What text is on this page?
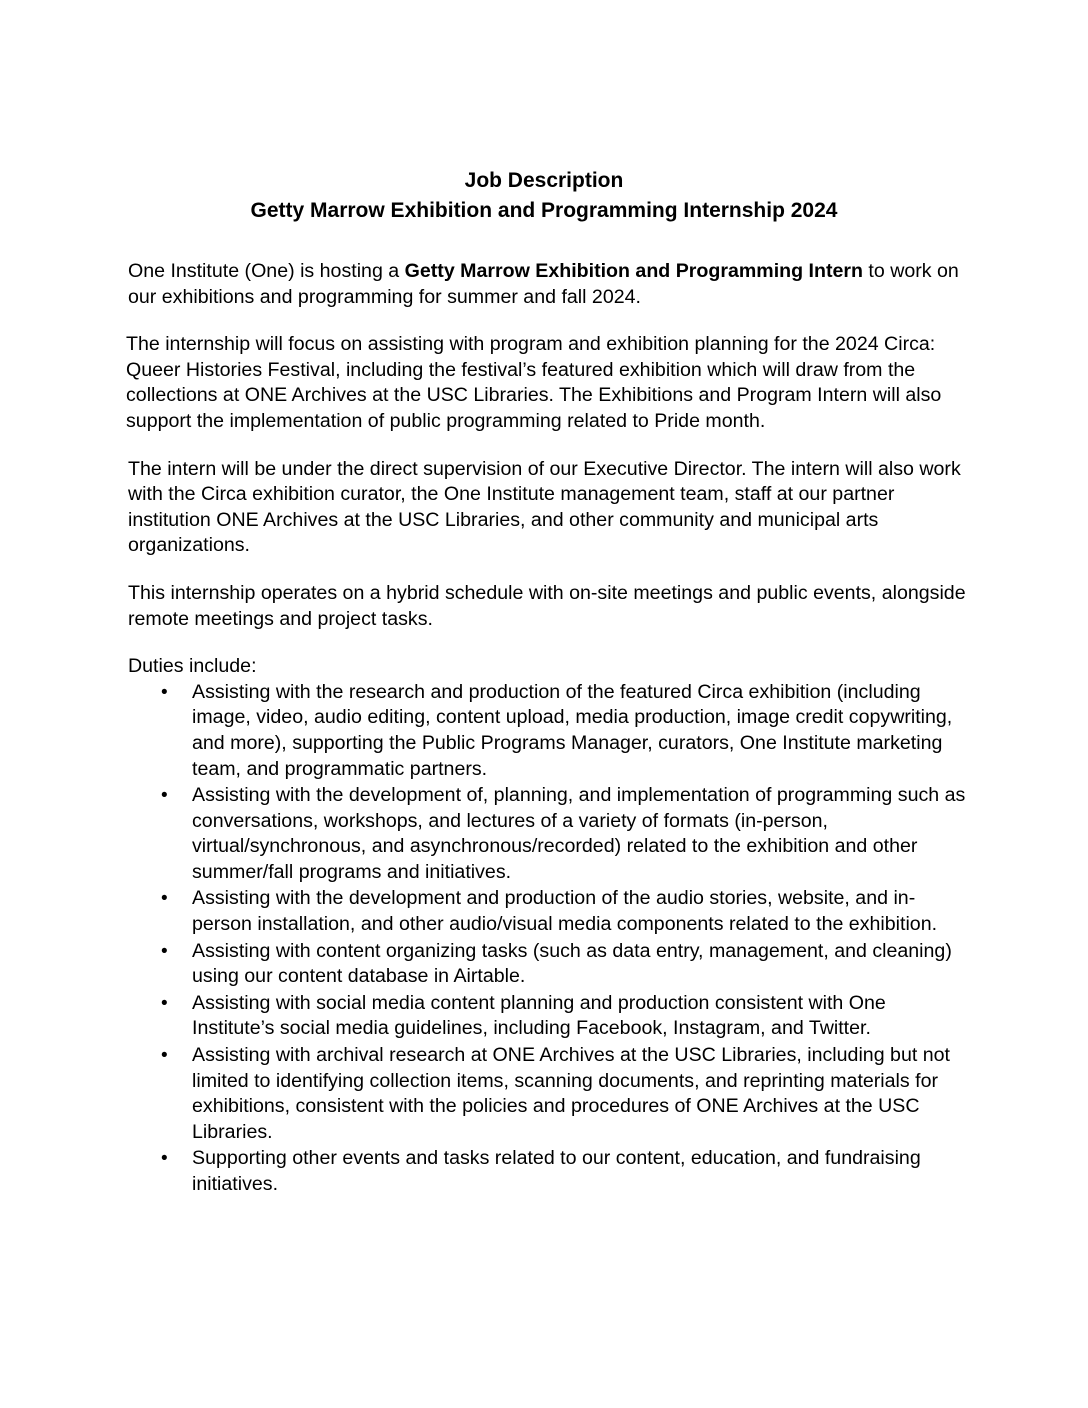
Job Description
Getty Marrow Exhibition and Programming Internship 2024

One Institute (One) is hosting a Getty Marrow Exhibition and Programming Intern to work on our exhibitions and programming for summer and fall 2024.

The internship will focus on assisting with program and exhibition planning for the 2024 Circa: Queer Histories Festival, including the festival’s featured exhibition which will draw from the collections at ONE Archives at the USC Libraries. The Exhibitions and Program Intern will also support the implementation of public programming related to Pride month.

The intern will be under the direct supervision of our Executive Director. The intern will also work with the Circa exhibition curator, the One Institute management team, staff at our partner institution ONE Archives at the USC Libraries, and other community and municipal arts organizations.

This internship operates on a hybrid schedule with on-site meetings and public events, alongside remote meetings and project tasks.

Duties include:

• Assisting with the research and production of the featured Circa exhibition (including image, video, audio editing, content upload, media production, image credit copywriting, and more), supporting the Public Programs Manager, curators, One Institute marketing team, and programmatic partners.
• Assisting with the development of, planning, and implementation of programming such as conversations, workshops, and lectures of a variety of formats (in-person, virtual/synchronous, and asynchronous/recorded) related to the exhibition and other summer/fall programs and initiatives.
• Assisting with the development and production of the audio stories, website, and in-person installation, and other audio/visual media components related to the exhibition.
• Assisting with content organizing tasks (such as data entry, management, and cleaning) using our content database in Airtable.
• Assisting with social media content planning and production consistent with One Institute’s social media guidelines, including Facebook, Instagram, and Twitter.
• Assisting with archival research at ONE Archives at the USC Libraries, including but not limited to identifying collection items, scanning documents, and reprinting materials for exhibitions, consistent with the policies and procedures of ONE Archives at the USC Libraries.
• Supporting other events and tasks related to our content, education, and fundraising initiatives.
